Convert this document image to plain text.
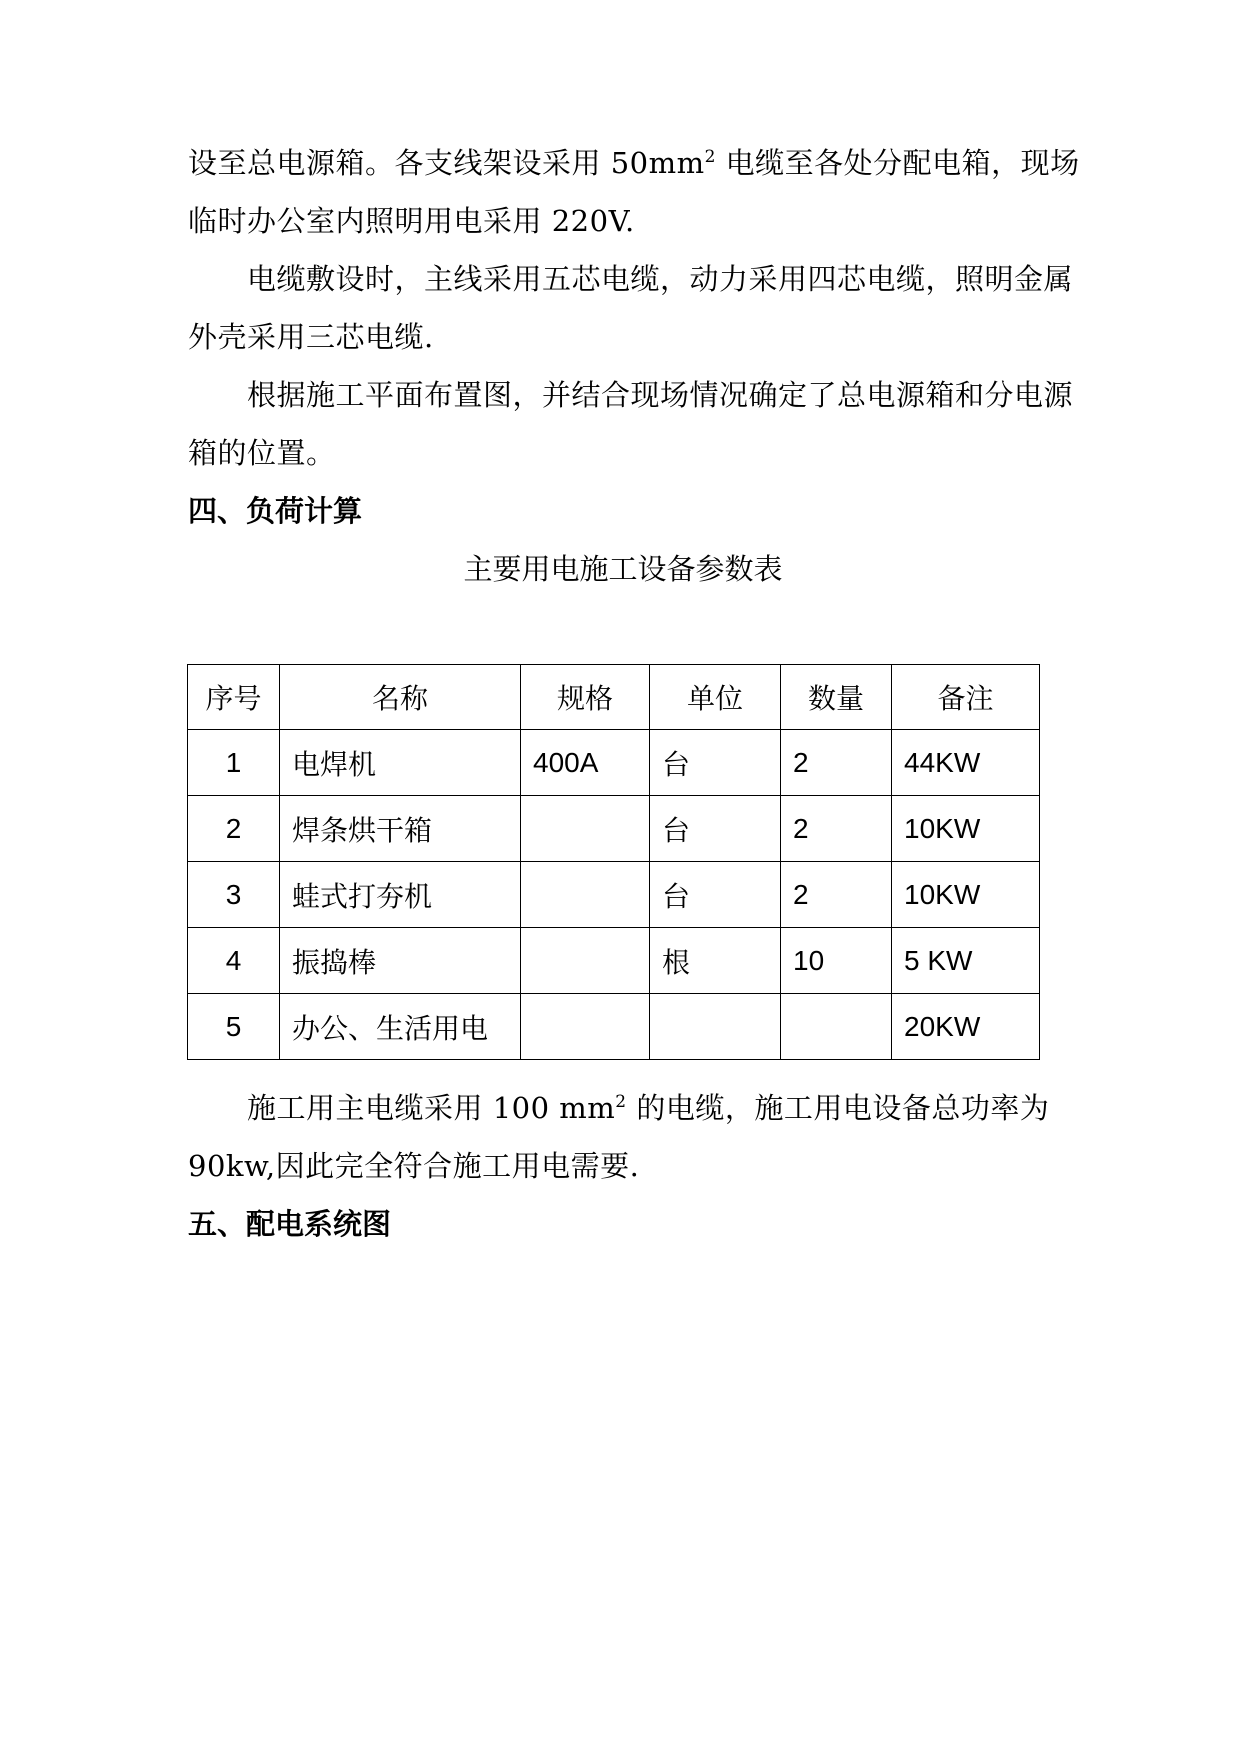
设至总电源箱。各支线架设采用 $50mm^2$ 电缆至各处分配电箱，现场
临时办公室内照明用电采用 220V.
电缆敷设时，主线采用五芯电缆，动力采用四芯电缆，照明金属
外壳采用三芯电缆.
根据施工平面布置图，并结合现场情况确定了总电源箱和分电源
箱的位置。
四、负荷计算
主要用电施工设备参数表
序号	名称	规格	单位	数量	备注
1	电焊机	400A	台	2	44KW
2	焊条烘干箱		台	2	10KW
3	蛙式打夯机		台	2	10KW
4	振捣棒		根	10	5 KW
5	办公、生活用电				20KW
施工用主电缆采用 100 $mm^2$ 的电缆，施工用电设备总功率为
90kw,因此完全符合施工用电需要.
五、配电系统图
